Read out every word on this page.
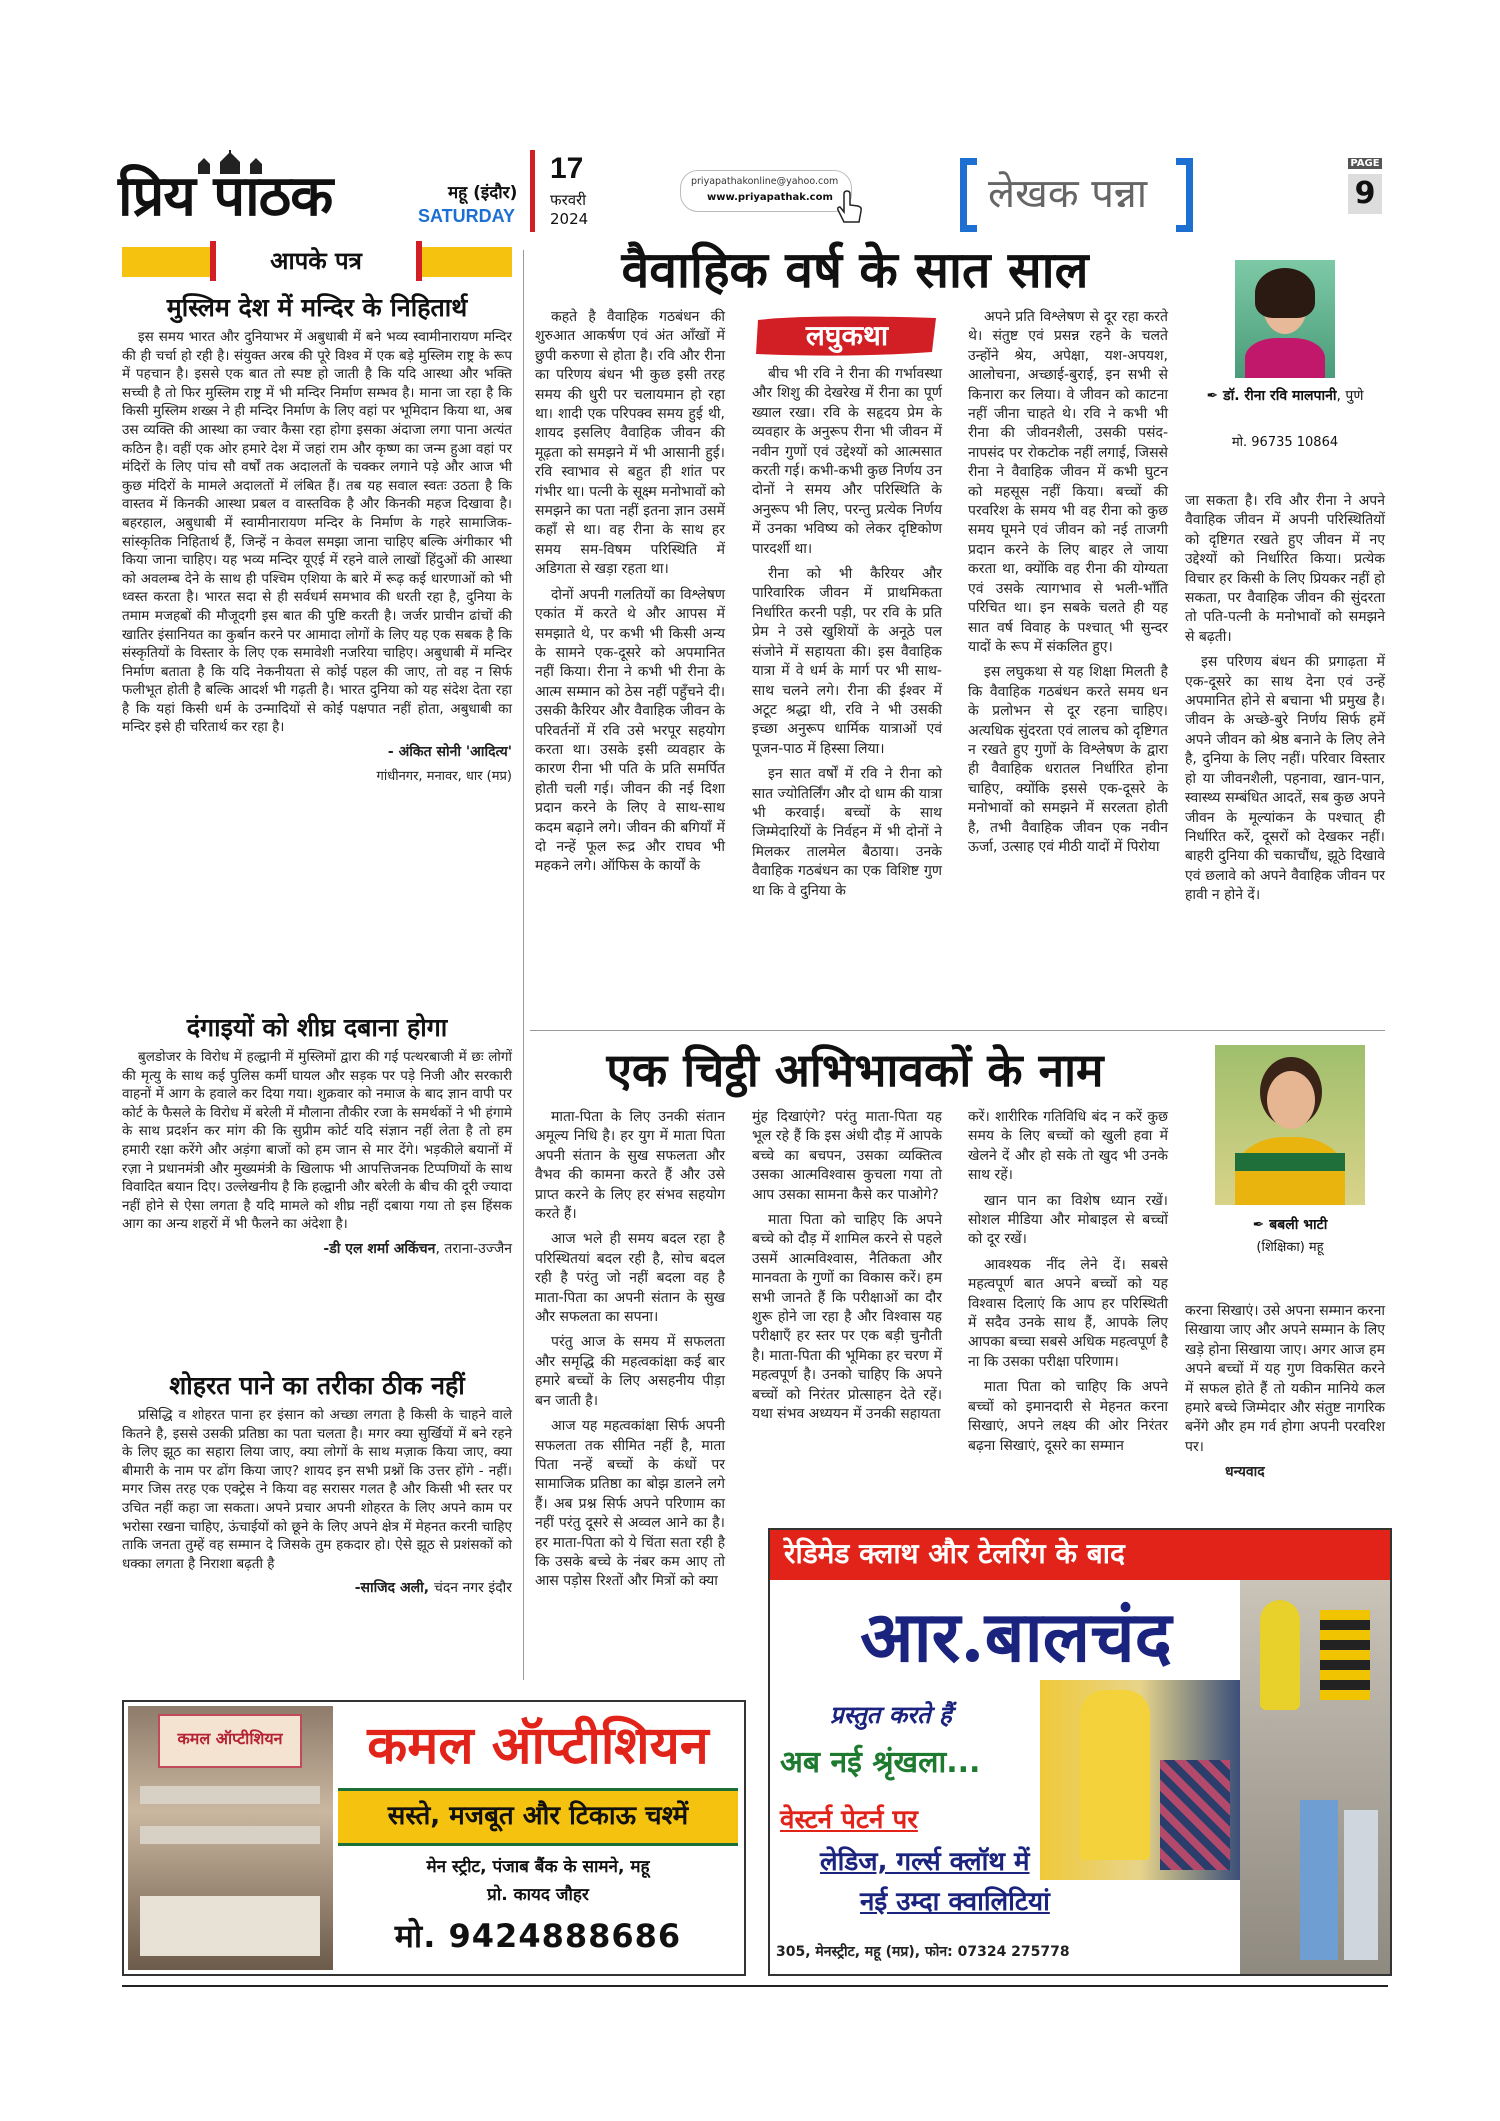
प्रिय पाठक	महू (इंदौर)
SATURDAY
17
फरवरी
2024
priyapathakonline@yahoo.com
www.priyapathak.com	लेखक पन्ना
PAGE
9
आपके पत्र
मुस्लिम देश में मन्दिर के निहितार्थ

इस समय भारत और दुनियाभर में अबुधाबी में बने भव्य स्वामीनारायण मन्दिर की ही चर्चा हो रही है। संयुक्त अरब की पूरे विश्व में एक बड़े मुस्लिम राष्ट्र के रूप में पहचान है। इससे एक बात तो स्पष्ट हो जाती है कि यदि आस्था और भक्ति सच्ची है तो फिर मुस्लिम राष्ट्र में भी मन्दिर निर्माण सम्भव है। माना जा रहा है कि किसी मुस्लिम शख्स ने ही मन्दिर निर्माण के लिए वहां पर भूमिदान किया था, अब उस व्यक्ति की आस्था का ज्वार कैसा रहा होगा इसका अंदाजा लगा पाना अत्यंत कठिन है। वहीं एक ओर हमारे देश में जहां राम और कृष्ण का जन्म हुआ वहां पर मंदिरों के लिए पांच सौ वर्षों तक अदालतों के चक्कर लगाने पड़े और आज भी कुछ मंदिरों के मामले अदालतों में लंबित हैं। तब यह सवाल स्वतः उठता है कि वास्तव में किनकी आस्था प्रबल व वास्तविक है और किनकी महज दिखावा है। बहरहाल, अबुधाबी में स्वामीनारायण मन्दिर के निर्माण के गहरे सामाजिक-सांस्कृतिक निहितार्थ हैं, जिन्हें न केवल समझा जाना चाहिए बल्कि अंगीकार भी किया जाना चाहिए। यह भव्य मन्दिर यूएई में रहने वाले लाखों हिंदुओं की आस्था को अवलम्ब देने के साथ ही पश्चिम एशिया के बारे में रूढ़ कई धारणाओं को भी ध्वस्त करता है। भारत सदा से ही सर्वधर्म समभाव की धरती रहा है, दुनिया के तमाम मजहबों की मौजूदगी इस बात की पुष्टि करती है। जर्जर प्राचीन ढांचों की खातिर इंसानियत का कुर्बान करने पर आमादा लोगों के लिए यह एक सबक है कि संस्कृतियों के विस्तार के लिए एक समावेशी नजरिया चाहिए। अबुधाबी में मन्दिर निर्माण बताता है कि यदि नेकनीयता से कोई पहल की जाए, तो वह न सिर्फ फलीभूत होती है बल्कि आदर्श भी गढ़ती है। भारत दुनिया को यह संदेश देता रहा है कि यहां किसी धर्म के उन्मादियों से कोई पक्षपात नहीं होता, अबुधाबी का मन्दिर इसे ही चरितार्थ कर रहा है।

- अंकित सोनी 'आदित्य'

गांधीनगर, मनावर, धार (मप्र)

दंगाइयों को शीघ्र दबाना होगा

बुलडोजर के विरोध में हल्द्वानी में मुस्लिमों द्वारा की गई पत्थरबाजी में छः लोगों की मृत्यु के साथ कई पुलिस कर्मी घायल और सड़क पर पड़े निजी और सरकारी वाहनों में आग के हवाले कर दिया गया। शुक्रवार को नमाज के बाद ज्ञान वापी पर कोर्ट के फैसले के विरोध में बरेली में मौलाना तौकीर रजा के समर्थकों ने भी हंगामे के साथ प्रदर्शन कर मांग की कि सुप्रीम कोर्ट यदि संज्ञान नहीं लेता है तो हम हमारी रक्षा करेंगे और अड़ंगा बाजों को हम जान से मार देंगे। भड़कीले बयानों में रज़ा ने प्रधानमंत्री और मुख्यमंत्री के खिलाफ भी आपत्तिजनक टिप्पणियों के साथ विवादित बयान दिए। उल्लेखनीय है कि हल्द्वानी और बरेली के बीच की दूरी ज्यादा नहीं होने से ऐसा लगता है यदि मामले को शीघ्र नहीं दबाया गया तो इस हिंसक आग का अन्य शहरों में भी फैलने का अंदेशा है।

-डी एल शर्मा अकिंचन, तराना-उज्जैन

शोहरत पाने का तरीका ठीक नहीं

प्रसिद्धि व शोहरत पाना हर इंसान को अच्छा लगता है किसी के चाहने वाले कितने है, इससे उसकी प्रतिष्ठा का पता चलता है। मगर क्या सुर्खियों में बने रहने के लिए झूठ का सहारा लिया जाए, क्या लोगों के साथ मज़ाक किया जाए, क्या बीमारी के नाम पर ढोंग किया जाए? शायद इन सभी प्रश्नों कि उत्तर होंगे - नहीं। मगर जिस तरह एक एक्ट्रेस ने किया वह सरासर गलत है और किसी भी स्तर पर उचित नहीं कहा जा सकता। अपने प्रचार अपनी शोहरत के लिए अपने काम पर भरोसा रखना चाहिए, ऊंचाईयों को छूने के लिए अपने क्षेत्र में मेहनत करनी चाहिए ताकि जनता तुम्हें वह सम्मान दे जिसके तुम हकदार हो। ऐसे झूठ से प्रशंसकों को धक्का लगता है निराशा बढ़ती है

-साजिद अली, चंदन नगर इंदौर

वैवाहिक वर्ष के सात साल

कहते है वैवाहिक गठबंधन की शुरुआत आकर्षण एवं अंत आँखों में छुपी करुणा से होता है। रवि और रीना का परिणय बंधन भी कुछ इसी तरह समय की धुरी पर चलायमान हो रहा था। शादी एक परिपक्व समय हुई थी, शायद इसलिए वैवाहिक जीवन की मूढ़ता को समझने में भी आसानी हुई। रवि स्वाभाव से बहुत ही शांत पर गंभीर था। पत्नी के सूक्ष्म मनोभावों को समझने का पता नहीं इतना ज्ञान उसमें कहाँ से था। वह रीना के साथ हर समय सम-विषम परिस्थिति में अडिगता से खड़ा रहता था।

दोनों अपनी गलतियों का विश्लेषण एकांत में करते थे और आपस में समझाते थे, पर कभी भी किसी अन्य के सामने एक-दूसरे को अपमानित नहीं किया। रीना ने कभी भी रीना के आत्म सम्मान को ठेस नहीं पहुँचने दी। उसकी कैरियर और वैवाहिक जीवन के परिवर्तनों में रवि उसे भरपूर सहयोग करता था। उसके इसी व्यवहार के कारण रीना भी पति के प्रति समर्पित होती चली गई। जीवन की नई दिशा प्रदान करने के लिए वे साथ-साथ कदम बढ़ाने लगे। जीवन की बगियाँ में दो नन्हें फूल रूद्र और राघव भी महकने लगे। ऑफिस के कार्यों के

लघुकथा

बीच भी रवि ने रीना की गर्भावस्था और शिशु की देखरेख में रीना का पूर्ण ख्याल रखा। रवि के सहृदय प्रेम के व्यवहार के अनुरूप रीना भी जीवन में नवीन गुणों एवं उद्देश्यों को आत्मसात करती गई। कभी-कभी कुछ निर्णय उन दोनों ने समय और परिस्थिति के अनुरूप भी लिए, परन्तु प्रत्येक निर्णय में उनका भविष्य को लेकर दृष्टिकोण पारदर्शी था।

रीना को भी कैरियर और पारिवारिक जीवन में प्राथमिकता निर्धारित करनी पड़ी, पर रवि के प्रति प्रेम ने उसे खुशियों के अनूठे पल संजोने में सहायता की। इस वैवाहिक यात्रा में वे धर्म के मार्ग पर भी साथ-साथ चलने लगे। रीना की ईश्वर में अटूट श्रद्धा थी, रवि ने भी उसकी इच्छा अनुरूप धार्मिक यात्राओं एवं पूजन-पाठ में हिस्सा लिया।

इन सात वर्षों में रवि ने रीना को सात ज्योतिर्लिंग और दो धाम की यात्रा भी करवाई। बच्चों के साथ जिम्मेदारियों के निर्वहन में भी दोनों ने मिलकर तालमेल बैठाया। उनके वैवाहिक गठबंधन का एक विशिष्ट गुण था कि वे दुनिया के

अपने प्रति विश्लेषण से दूर रहा करते थे। संतुष्ट एवं प्रसन्न रहने के चलते उन्होंने श्रेय, अपेक्षा, यश-अपयश, आलोचना, अच्छाई-बुराई, इन सभी से किनारा कर लिया। वे जीवन को काटना नहीं जीना चाहते थे। रवि ने कभी भी रीना की जीवनशैली, उसकी पसंद-नापसंद पर रोकटोक नहीं लगाई, जिससे रीना ने वैवाहिक जीवन में कभी घुटन को महसूस नहीं किया। बच्चों की परवरिश के समय भी वह रीना को कुछ समय घूमने एवं जीवन को नई ताजगी प्रदान करने के लिए बाहर ले जाया करता था, क्योंकि वह रीना की योग्यता एवं उसके त्यागभाव से भली-भाँति परिचित था। इन सबके चलते ही यह सात वर्ष विवाह के पश्चात् भी सुन्दर यादों के रूप में संकलित हुए।

इस लघुकथा से यह शिक्षा मिलती है कि वैवाहिक गठबंधन करते समय धन के प्रलोभन से दूर रहना चाहिए। अत्यधिक सुंदरता एवं लालच को दृष्टिगत न रखते हुए गुणों के विश्लेषण के द्वारा ही वैवाहिक धरातल निर्धारित होना चाहिए, क्योंकि इससे एक-दूसरे के मनोभावों को समझने में सरलता होती है, तभी वैवाहिक जीवन एक नवीन ऊर्जा, उत्साह एवं मीठी यादों में पिरोया

✒ डॉ. रीना रवि मालपानी, पुणे
मो. 96735 10864

जा सकता है। रवि और रीना ने अपने वैवाहिक जीवन में अपनी परिस्थितियों को दृष्टिगत रखते हुए जीवन में नए उद्देश्यों को निर्धारित किया। प्रत्येक विचार हर किसी के लिए प्रियकर नहीं हो सकता, पर वैवाहिक जीवन की सुंदरता तो पति-पत्नी के मनोभावों को समझने से बढ़ती।

इस परिणय बंधन की प्रगाढ़ता में एक-दूसरे का साथ देना एवं उन्हें अपमानित होने से बचाना भी प्रमुख है। जीवन के अच्छे-बुरे निर्णय सिर्फ हमें अपने जीवन को श्रेष्ठ बनाने के लिए लेने है, दुनिया के लिए नहीं। परिवार विस्तार हो या जीवनशैली, पहनावा, खान-पान, स्वास्थ्य सम्बंधित आदतें, सब कुछ अपने जीवन के मूल्यांकन के पश्चात् ही निर्धारित करें, दूसरों को देखकर नहीं। बाहरी दुनिया की चकाचौंध, झूठे दिखावे एवं छलावे को अपने वैवाहिक जीवन पर हावी न होने दें।

एक चिट्ठी अभिभावकों के नाम
✒ बबली भाटी
(शिक्षिका) महू

माता-पिता के लिए उनकी संतान अमूल्य निधि है। हर युग में माता पिता अपनी संतान के सुख सफलता और वैभव की कामना करते हैं और उसे प्राप्त करने के लिए हर संभव सहयोग करते हैं।

आज भले ही समय बदल रहा है परिस्थितयां बदल रही है, सोच बदल रही है परंतु जो नहीं बदला वह है माता-पिता का अपनी संतान के सुख और सफलता का सपना।

परंतु आज के समय में सफलता और समृद्धि की महत्वकांक्षा कई बार हमारे बच्चों के लिए असहनीय पीड़ा बन जाती है।

आज यह महत्वकांक्षा सिर्फ अपनी सफलता तक सीमित नहीं है, माता पिता नन्हें बच्चों के कंधों पर सामाजिक प्रतिष्ठा का बोझ डालने लगे हैं। अब प्रश्न सिर्फ अपने परिणाम का नहीं परंतु दूसरे से अव्वल आने का है। हर माता-पिता को ये चिंता सता रही है कि उसके बच्चे के नंबर कम आए तो आस पड़ोस रिश्तों और मित्रों को क्या

मुंह दिखाएंगे? परंतु माता-पिता यह भूल रहे हैं कि इस अंधी दौड़ में आपके बच्चे का बचपन, उसका व्यक्तित्व उसका आत्मविश्वास कुचला गया तो आप उसका सामना कैसे कर पाओगे?

माता पिता को चाहिए कि अपने बच्चे को दौड़ में शामिल करने से पहले उसमें आत्मविश्वास, नैतिकता और मानवता के गुणों का विकास करें। हम सभी जानते हैं कि परीक्षाओं का दौर शुरू होने जा रहा है और विश्वास यह परीक्षाएँ हर स्तर पर एक बड़ी चुनौती है। माता-पिता की भूमिका हर चरण में महत्वपूर्ण है। उनको चाहिए कि अपने बच्चों को निरंतर प्रोत्साहन देते रहें। यथा संभव अध्ययन में उनकी सहायता

करें। शारीरिक गतिविधि बंद न करें कुछ समय के लिए बच्चों को खुली हवा में खेलने दें और हो सके तो खुद भी उनके साथ रहें।

खान पान का विशेष ध्यान रखें। सोशल मीडिया और मोबाइल से बच्चों को दूर रखें।

आवश्यक नींद लेने दें। सबसे महत्वपूर्ण बात अपने बच्चों को यह विश्वास दिलाएं कि आप हर परिस्थिती में सदैव उनके साथ हैं, आपके लिए आपका बच्चा सबसे अधिक महत्वपूर्ण है ना कि उसका परीक्षा परिणाम।

माता पिता को चाहिए कि अपने बच्चों को इमानदारी से मेहनत करना सिखाएं, अपने लक्ष्य की ओर निरंतर बढ़ना सिखाएं, दूसरे का सम्मान

करना सिखाएं। उसे अपना सम्मान करना सिखाया जाए और अपने सम्मान के लिए खड़े होना सिखाया जाए। अगर आज हम अपने बच्चों में यह गुण विकसित करने में सफल होते हैं तो यकीन मानिये कल हमारे बच्चे जिम्मेदार और संतुष्ट नागरिक बनेंगे और हम गर्व होगा अपनी परवरिश पर।

धन्यवाद

कमल ऑप्टीशियन	कमल ऑप्टीशियन
सस्ते, मजबूत और टिकाऊ चश्में
मेन स्ट्रीट, पंजाब बैंक के सामने, महू
प्रो. कायद जौहर
मो. 9424888686
रेडिमेड क्लाथ और टेलरिंग के बाद
आर.बालचंद
प्रस्तुत करते हैं
अब नई श्रृंखला...
वेस्टर्न पेटर्न पर
लेडिज, गर्ल्स क्लॉथ में
नई उम्दा क्वालिटियां
305, मेनस्ट्रीट, महू (मप्र), फोन: 07324 275778
